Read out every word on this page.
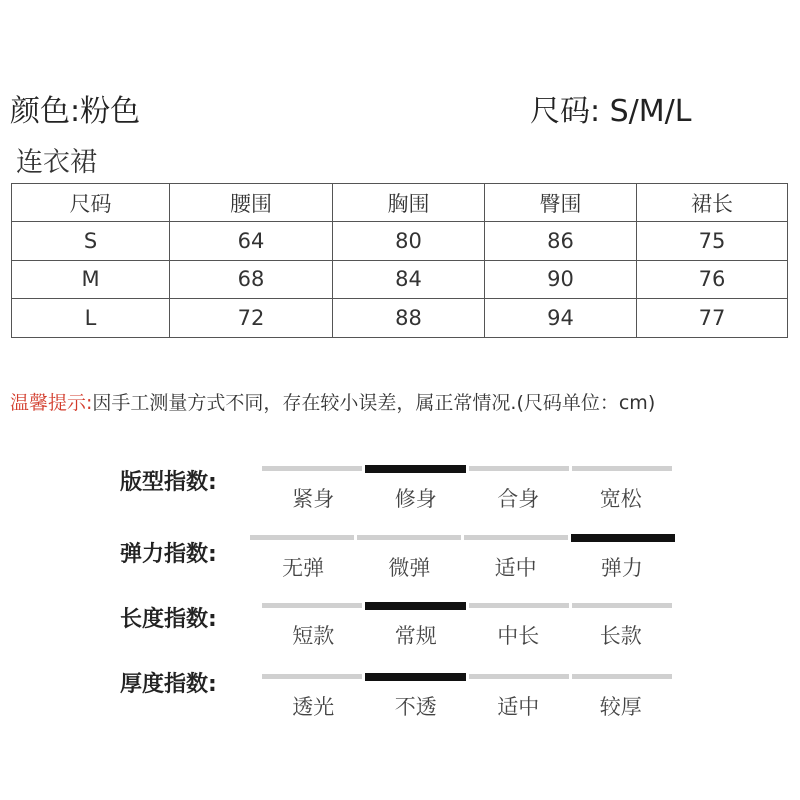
颜色:粉色	尺码: S/M/L
连衣裙
尺码	腰围	胸围	臀围	裙长
S	64	80	86	75
M	68	84	90	76
L	72	88	94	77
温馨提示:因手工测量方式不同，存在较小误差，属正常情况.(尺码单位：cm)
版型指数:
紧身	修身	合身	宽松
弹力指数:
无弹	微弹	适中	弹力
长度指数:
短款	常规	中长	长款
厚度指数:
透光	不透	适中	较厚
